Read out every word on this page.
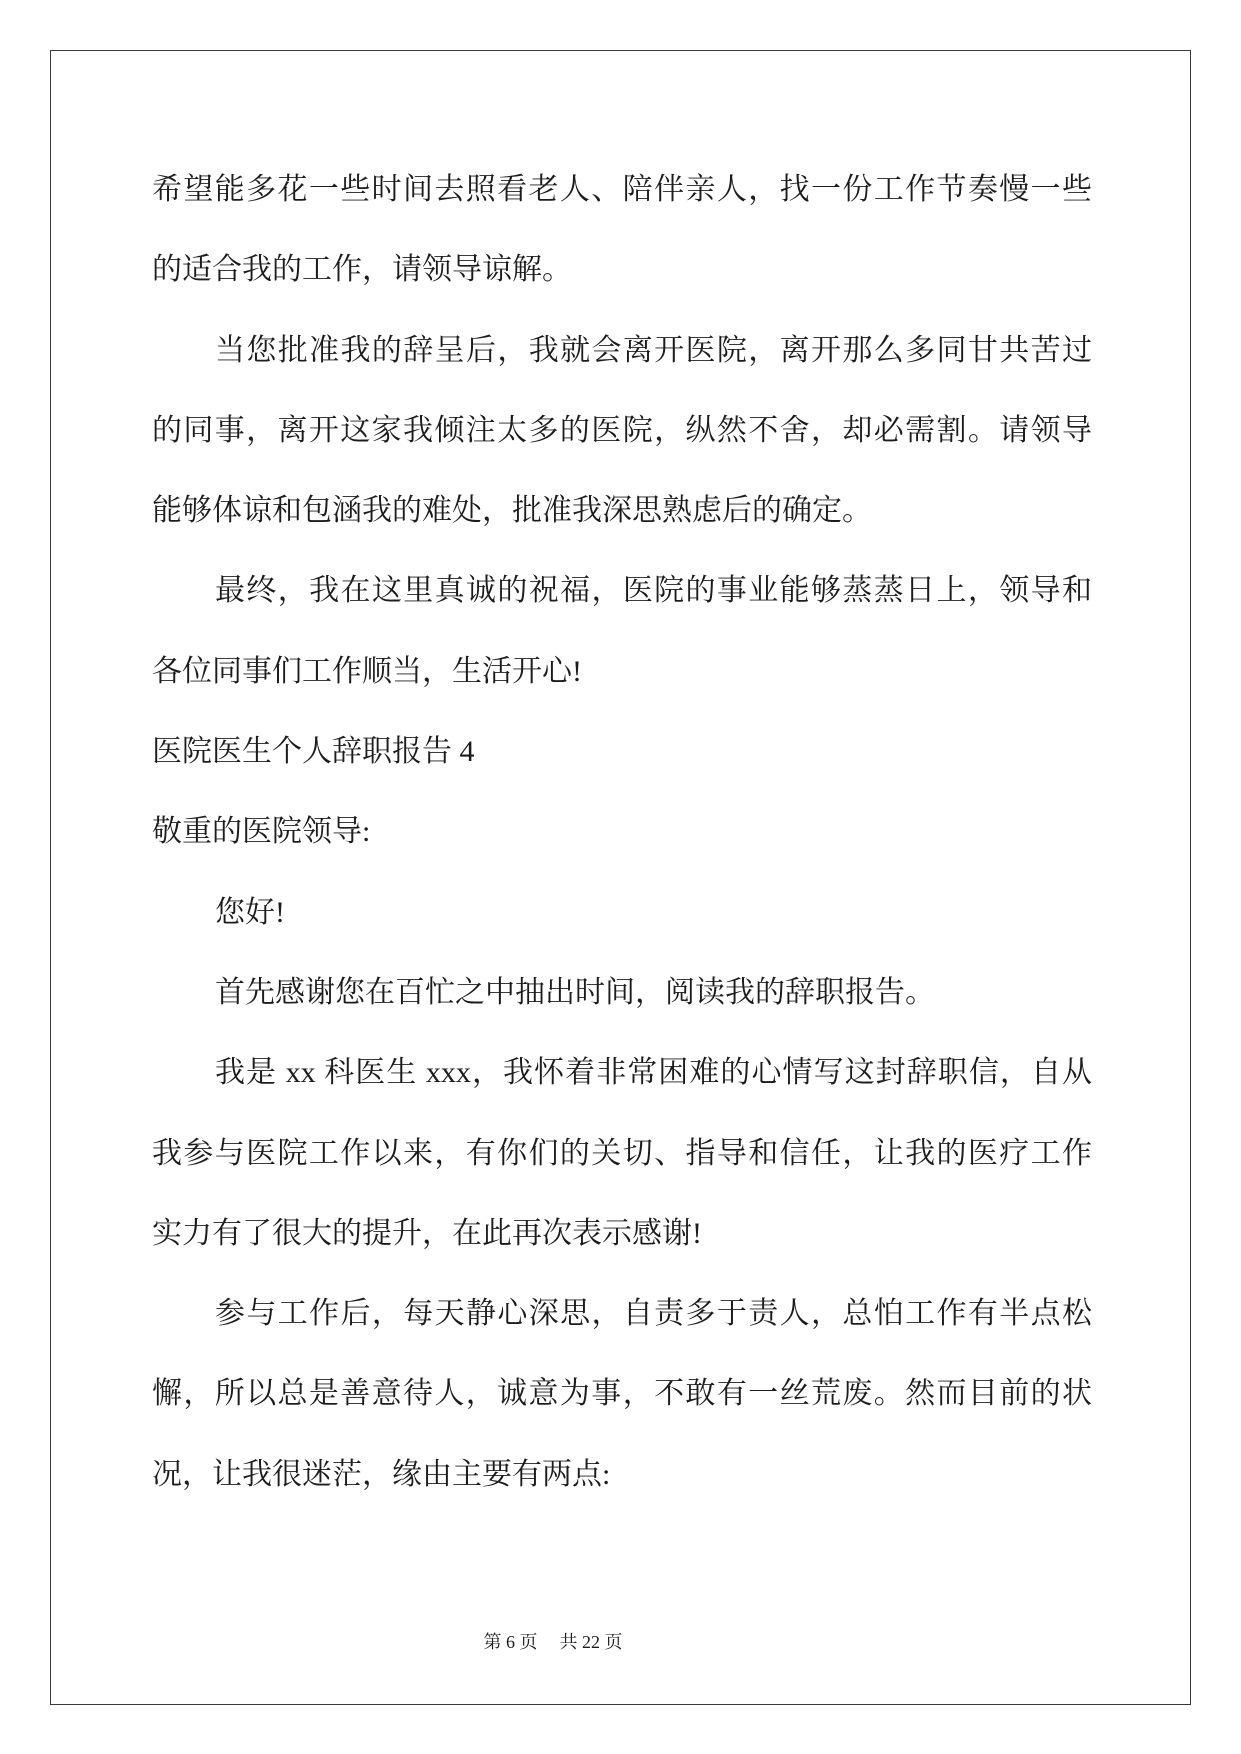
希望能多花一些时间去照看老人、陪伴亲人，找一份工作节奏慢一些
的适合我的工作，请领导谅解。
当您批准我的辞呈后，我就会离开医院，离开那么多同甘共苦过
的同事，离开这家我倾注太多的医院，纵然不舍，却必需割。请领导
能够体谅和包涵我的难处，批准我深思熟虑后的确定。
最终，我在这里真诚的祝福，医院的事业能够蒸蒸日上，领导和
各位同事们工作顺当，生活开心!
医院医生个人辞职报告 4
敬重的医院领导:
您好!
首先感谢您在百忙之中抽出时间，阅读我的辞职报告。
我是 xx 科医生 xxx，我怀着非常困难的心情写这封辞职信，自从
我参与医院工作以来，有你们的关切、指导和信任，让我的医疗工作
实力有了很大的提升，在此再次表示感谢!
参与工作后，每天静心深思，自责多于责人，总怕工作有半点松
懈，所以总是善意待人，诚意为事，不敢有一丝荒废。然而目前的状
况，让我很迷茫，缘由主要有两点:
第 6 页 共 22 页
